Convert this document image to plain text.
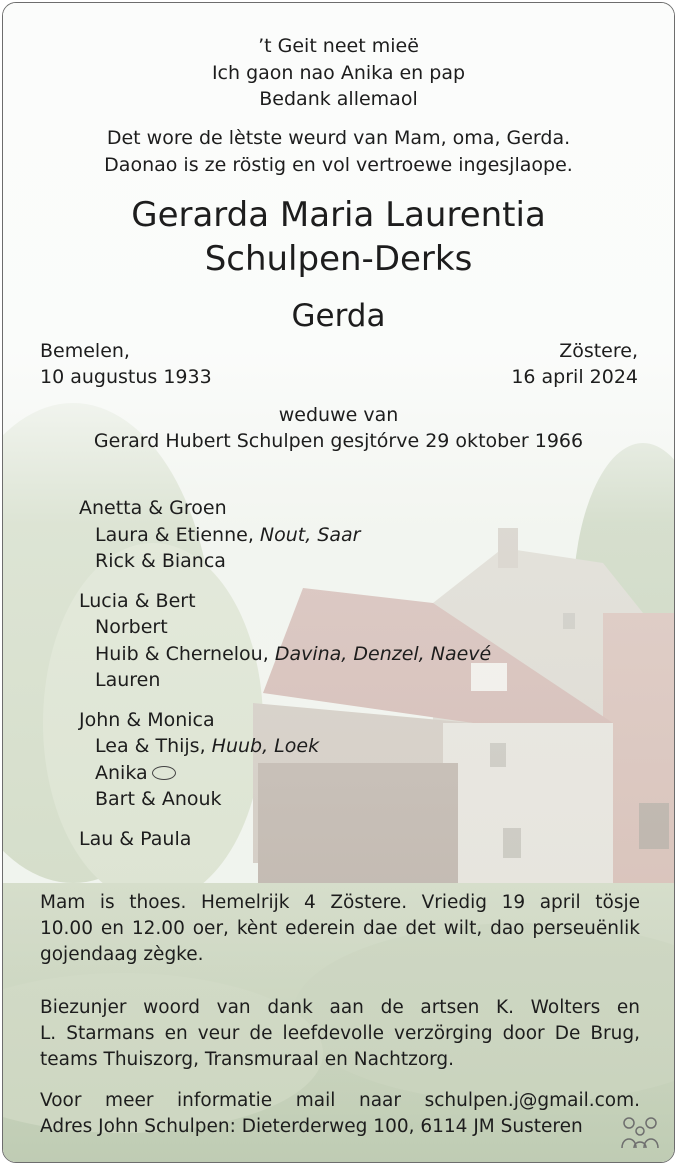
’t Geit neet mieë
Ich gaon nao Anika en pap
Bedank allemaol
Det wore de lètste weurd van Mam, oma, Gerda.
Daonao is ze röstig en vol vertroewe ingesjlaope.
Gerarda Maria Laurentia
Schulpen-Derks
Gerda
Bemelen,
10 augustus 1933
Zöstere,
16 april 2024
weduwe van
Gerard Hubert Schulpen gesjtórve 29 oktober 1966
Anetta & Groen
Laura & Etienne, Nout, Saar
Rick & Bianca
Lucia & Bert
Norbert
Huib & Chernelou, Davina, Denzel, Naevé
Lauren
John & Monica
Lea & Thijs, Huub, Loek
Anika
Bart & Anouk
Lau & Paula
Mam is thoes. Hemelrijk 4 Zöstere. Vriedig 19 april tösje
10.00 en 12.00 oer, kènt ederein dae det wilt, dao perseuënlik
gojendaag zègke.
Biezunjer woord van dank aan de artsen K. Wolters en
L. Starmans en veur de leefdevolle verzörging door De Brug,
teams Thuiszorg, Transmuraal en Nachtzorg.
Voor meer informatie mail naar schulpen.j@gmail.com.
Adres John Schulpen: Dieterderweg 100, 6114 JM Susteren
